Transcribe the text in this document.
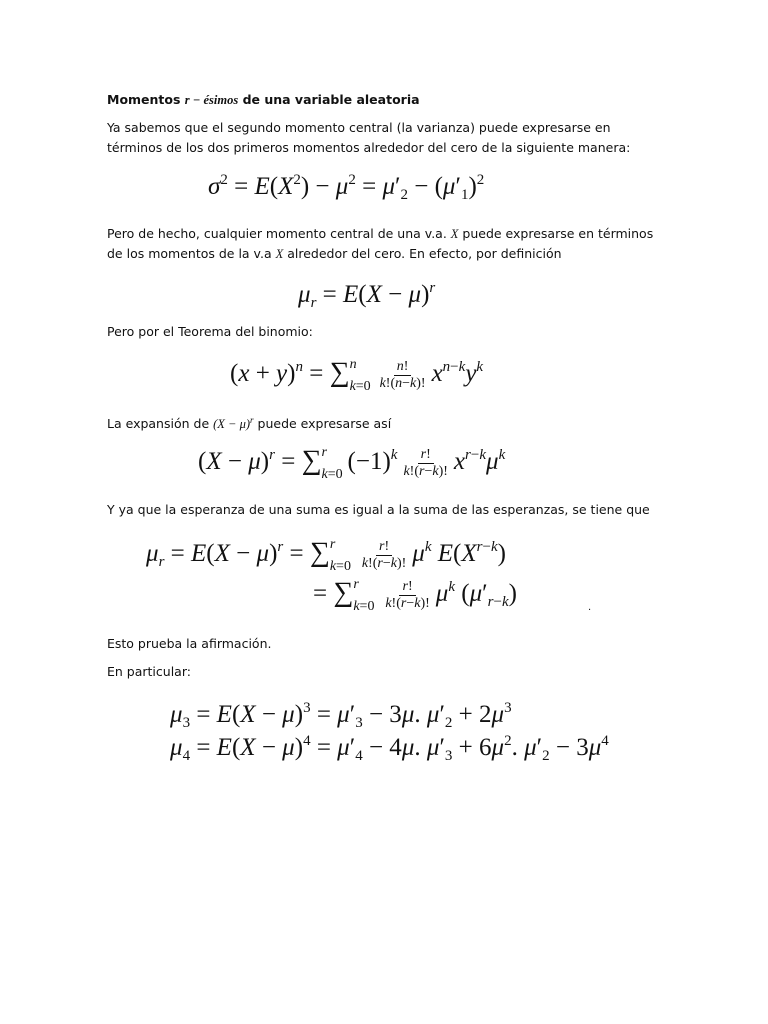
Momentos r − ésimos de una variable aleatoria
Ya sabemos que el segundo momento central (la varianza) puede expresarse en términos de los dos primeros momentos alrededor del cero de la siguiente manera:
$\sigma^2 = E(X^2) - \mu^2 = \mu'_2 - (\mu'_1)^2$
Pero de hecho, cualquier momento central de una v.a. X puede expresarse en términos de los momentos de la v.a X alrededor del cero. En efecto, por definición
$\mu_r = E(X - \mu)^r$
Pero por el Teorema del binomio:
$(x + y)^n$ = ∑ n
$k=0 \frac{n!}{k!(n-k)!} x^{n-k}y^k$
La expansión de $(X - \mu)^r$ puede expresarse así
$(X - \mu)^r$ = ∑ r
k=0 $(-1)^k \frac{r!}{k!(r-k)!} x^{r-k}\mu^k$
Y ya que la esperanza de una suma es igual a la suma de las esperanzas, se tiene que
$\mu_r = E(X - \mu)^r$ = ∑ r
$k=0 \frac{r!}{k!(r-k)!} \mu^k$ $E(X^{r-k})$
= ∑ r
$k=0 \frac{r!}{k!(r-k)!} \mu^k$ $(\mu'_{r-k})$
.
Esto prueba la afirmación.
En particular:
$\mu_3 = E(X - \mu)^3 = \mu'_3 - 3\mu$. $\mu'_2 + 2\mu^3$
$\mu_4 = E(X - \mu)^4 = \mu'_4 - 4\mu$. $\mu'_3 + 6\mu^2$. $\mu'_2 - 3\mu^4$
